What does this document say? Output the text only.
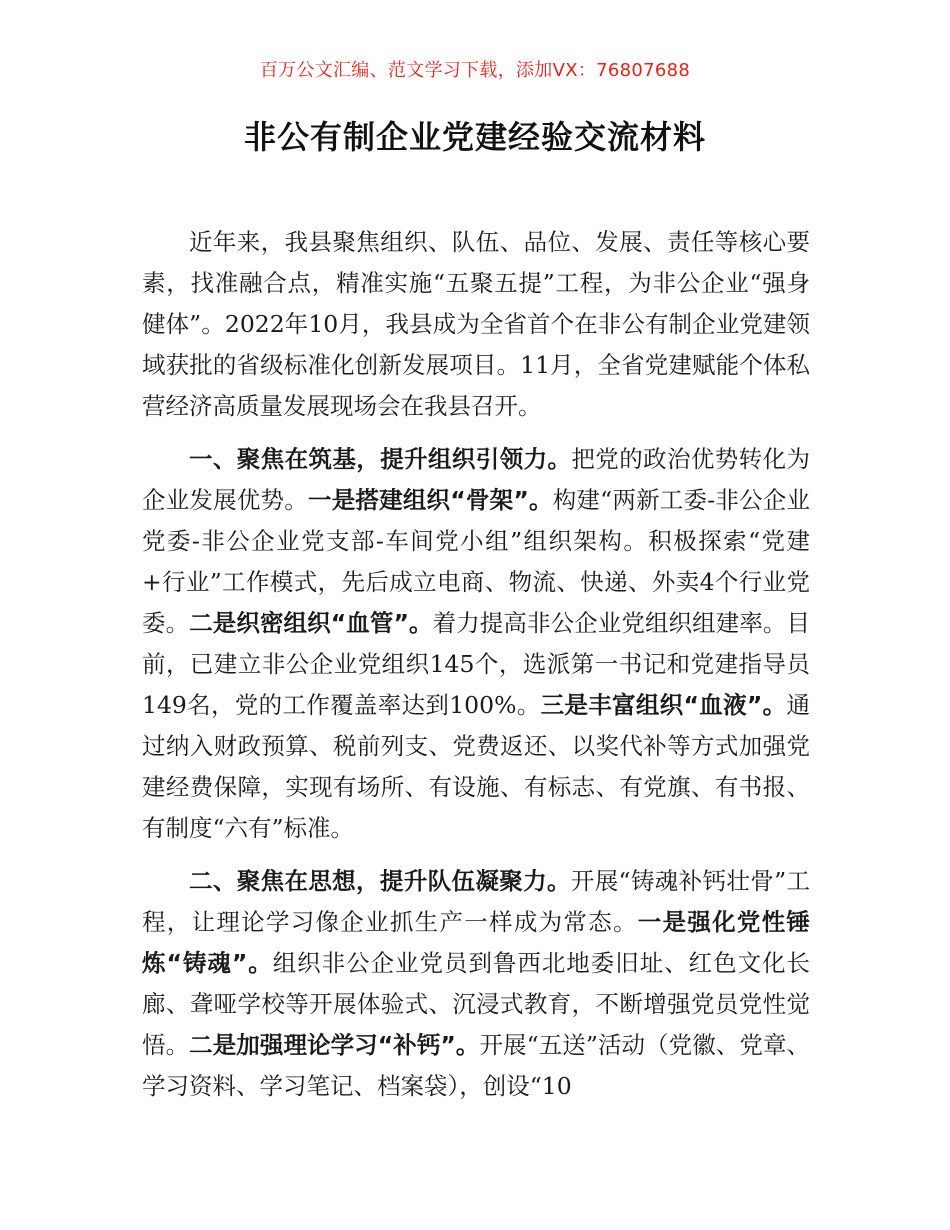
百万公文汇编、范文学习下载，添加VX：76807688
非公有制企业党建经验交流材料

近年来，我县聚焦组织、队伍、品位、发展、责任等核心要素，找准融合点，精准实施“五聚五提”工程，为非公企业“强身健体”。2022年10月，我县成为全省首个在非公有制企业党建领域获批的省级标准化创新发展项目。11月，全省党建赋能个体私营经济高质量发展现场会在我县召开。

一、聚焦在筑基，提升组织引领力。把党的政治优势转化为企业发展优势。一是搭建组织“骨架”。构建“两新工委-非公企业党委-非公企业党支部-车间党小组”组织架构。积极探索“党建+行业”工作模式，先后成立电商、物流、快递、外卖4个行业党委。二是织密组织“血管”。着力提高非公企业党组织组建率。目前，已建立非公企业党组织145个，选派第一书记和党建指导员149名，党的工作覆盖率达到100%。三是丰富组织“血液”。通过纳入财政预算、税前列支、党费返还、以奖代补等方式加强党建经费保障，实现有场所、有设施、有标志、有党旗、有书报、有制度“六有”标准。

二、聚焦在思想，提升队伍凝聚力。开展“铸魂补钙壮骨”工程，让理论学习像企业抓生产一样成为常态。一是强化党性锤炼“铸魂”。组织非公企业党员到鲁西北地委旧址、红色文化长廊、聋哑学校等开展体验式、沉浸式教育，不断增强党员党性觉悟。二是加强理论学习“补钙”。开展“五送”活动（党徽、党章、学习资料、学习笔记、档案袋），创设“10
